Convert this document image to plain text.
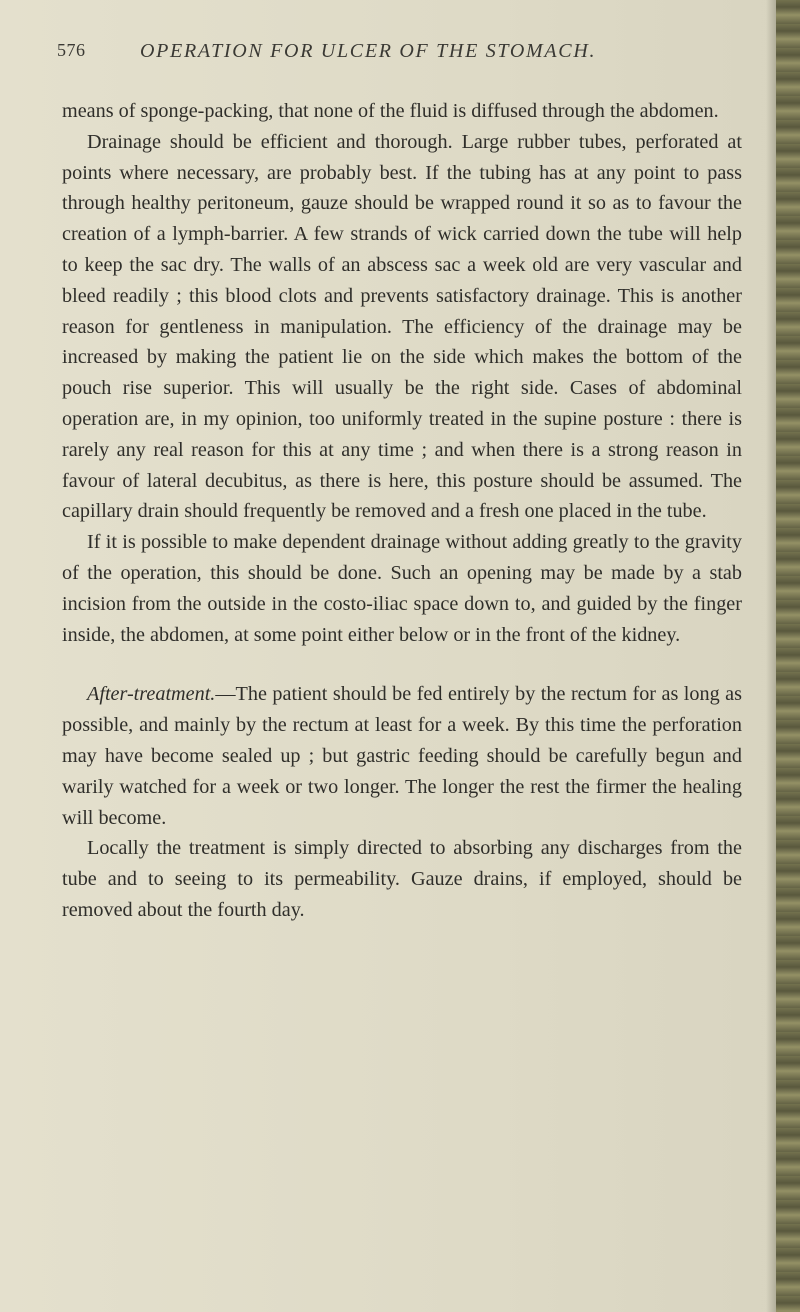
576	OPERATION FOR ULCER OF THE STOMACH.

means of sponge-packing, that none of the fluid is diffused through the abdomen.

Drainage should be efficient and thorough. Large rubber tubes, perforated at points where necessary, are probably best. If the tubing has at any point to pass through healthy peritoneum, gauze should be wrapped round it so as to favour the creation of a lymph-barrier. A few strands of wick carried down the tube will help to keep the sac dry. The walls of an abscess sac a week old are very vascular and bleed readily ; this blood clots and prevents satisfactory drainage. This is another reason for gentleness in manipulation. The efficiency of the drainage may be increased by making the patient lie on the side which makes the bottom of the pouch rise superior. This will usually be the right side. Cases of abdominal operation are, in my opinion, too uniformly treated in the supine posture : there is rarely any real reason for this at any time ; and when there is a strong reason in favour of lateral decubitus, as there is here, this posture should be assumed. The capillary drain should frequently be removed and a fresh one placed in the tube.

If it is possible to make dependent drainage without adding greatly to the gravity of the operation, this should be done. Such an opening may be made by a stab incision from the outside in the costo-iliac space down to, and guided by the finger inside, the abdomen, at some point either below or in the front of the kidney.

After-treatment.—The patient should be fed entirely by the rectum for as long as possible, and mainly by the rectum at least for a week. By this time the perforation may have become sealed up ; but gastric feeding should be carefully begun and warily watched for a week or two longer. The longer the rest the firmer the healing will become.

Locally the treatment is simply directed to absorbing any discharges from the tube and to seeing to its permeability. Gauze drains, if employed, should be removed about the fourth day.
